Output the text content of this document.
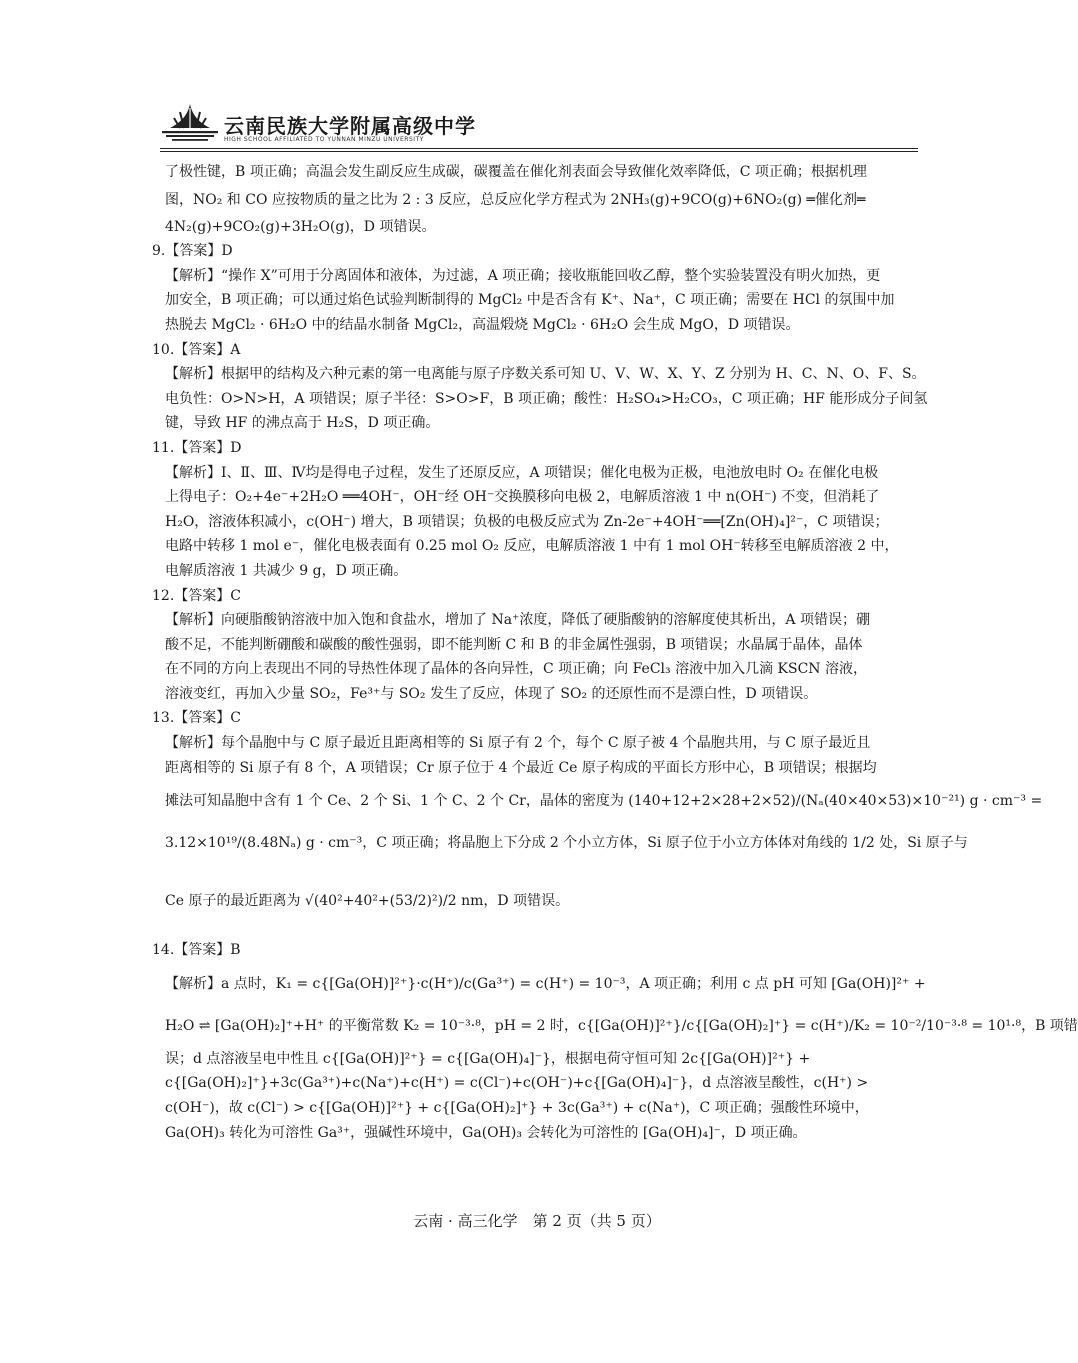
云南民族大学附属高级中学
HIGH SCHOOL AFFILIATED TO YUNNAN MINZU UNIVERSITY
了极性键，B 项正确；高温会发生副反应生成碳，碳覆盖在催化剂表面会导致催化效率降低，C 项正确；根据机理
图，NO₂ 和 CO 应按物质的量之比为 2 : 3 反应，总反应化学方程式为 2NH₃(g)+9CO(g)+6NO₂(g) ═催化剂═
4N₂(g)+9CO₂(g)+3H₂O(g)，D 项错误。
9.【答案】D
【解析】“操作 X”可用于分离固体和液体，为过滤，A 项正确；接收瓶能回收乙醇，整个实验装置没有明火加热，更
加安全，B 项正确；可以通过焰色试验判断制得的 MgCl₂ 中是否含有 K⁺、Na⁺，C 项正确；需要在 HCl 的氛围中加
热脱去 MgCl₂ · 6H₂O 中的结晶水制备 MgCl₂，高温煅烧 MgCl₂ · 6H₂O 会生成 MgO，D 项错误。
10.【答案】A
【解析】根据甲的结构及六种元素的第一电离能与原子序数关系可知 U、V、W、X、Y、Z 分别为 H、C、N、O、F、S。
电负性：O>N>H，A 项错误；原子半径：S>O>F，B 项正确；酸性：H₂SO₄>H₂CO₃，C 项正确；HF 能形成分子间氢
键，导致 HF 的沸点高于 H₂S，D 项正确。
11.【答案】D
【解析】Ⅰ、Ⅱ、Ⅲ、Ⅳ均是得电子过程，发生了还原反应，A 项错误；催化电极为正极，电池放电时 O₂ 在催化电极
上得电子：O₂+4e⁻+2H₂O ══4OH⁻，OH⁻经 OH⁻交换膜移向电极 2，电解质溶液 1 中 n(OH⁻) 不变，但消耗了
H₂O，溶液体积减小，c(OH⁻) 增大，B 项错误；负极的电极反应式为 Zn-2e⁻+4OH⁻══[Zn(OH)₄]²⁻，C 项错误；
电路中转移 1 mol e⁻，催化电极表面有 0.25 mol O₂ 反应，电解质溶液 1 中有 1 mol OH⁻转移至电解质溶液 2 中，
电解质溶液 1 共减少 9 g，D 项正确。
12.【答案】C
【解析】向硬脂酸钠溶液中加入饱和食盐水，增加了 Na⁺浓度，降低了硬脂酸钠的溶解度使其析出，A 项错误；硼
酸不足，不能判断硼酸和碳酸的酸性强弱，即不能判断 C 和 B 的非金属性强弱，B 项错误；水晶属于晶体，晶体
在不同的方向上表现出不同的导热性体现了晶体的各向异性，C 项正确；向 FeCl₃ 溶液中加入几滴 KSCN 溶液，
溶液变红，再加入少量 SO₂，Fe³⁺与 SO₂ 发生了反应，体现了 SO₂ 的还原性而不是漂白性，D 项错误。
13.【答案】C
【解析】每个晶胞中与 C 原子最近且距离相等的 Si 原子有 2 个，每个 C 原子被 4 个晶胞共用，与 C 原子最近且
距离相等的 Si 原子有 8 个，A 项错误；Cr 原子位于 4 个最近 Ce 原子构成的平面长方形中心，B 项错误；根据均
摊法可知晶胞中含有 1 个 Ce、2 个 Si、1 个 C、2 个 Cr，晶体的密度为 (140+12+2×28+2×52)/(Nₐ(40×40×53)×10⁻²¹) g · cm⁻³ =
3.12×10¹⁹/(8.48Nₐ) g · cm⁻³，C 项正确；将晶胞上下分成 2 个小立方体，Si 原子位于小立方体体对角线的 1/2 处，Si 原子与
Ce 原子的最近距离为 √(40²+40²+(53/2)²)/2 nm，D 项错误。
14.【答案】B
【解析】a 点时，K₁ = c{[Ga(OH)]²⁺}·c(H⁺)/c(Ga³⁺) = c(H⁺) = 10⁻³，A 项正确；利用 c 点 pH 可知 [Ga(OH)]²⁺ +
H₂O ⇌ [Ga(OH)₂]⁺+H⁺ 的平衡常数 K₂ = 10⁻³·⁸，pH = 2 时，c{[Ga(OH)]²⁺}/c{[Ga(OH)₂]⁺} = c(H⁺)/K₂ = 10⁻²/10⁻³·⁸ = 10¹·⁸，B 项错
误；d 点溶液呈电中性且 c{[Ga(OH)]²⁺} = c{[Ga(OH)₄]⁻}，根据电荷守恒可知 2c{[Ga(OH)]²⁺} +
c{[Ga(OH)₂]⁺}+3c(Ga³⁺)+c(Na⁺)+c(H⁺) = c(Cl⁻)+c(OH⁻)+c{[Ga(OH)₄]⁻}，d 点溶液呈酸性，c(H⁺) >
c(OH⁻)，故 c(Cl⁻) > c{[Ga(OH)]²⁺} + c{[Ga(OH)₂]⁺} + 3c(Ga³⁺) + c(Na⁺)，C 项正确；强酸性环境中，
Ga(OH)₃ 转化为可溶性 Ga³⁺，强碱性环境中，Ga(OH)₃ 会转化为可溶性的 [Ga(OH)₄]⁻，D 项正确。
云南 · 高三化学　第 2 页（共 5 页）
